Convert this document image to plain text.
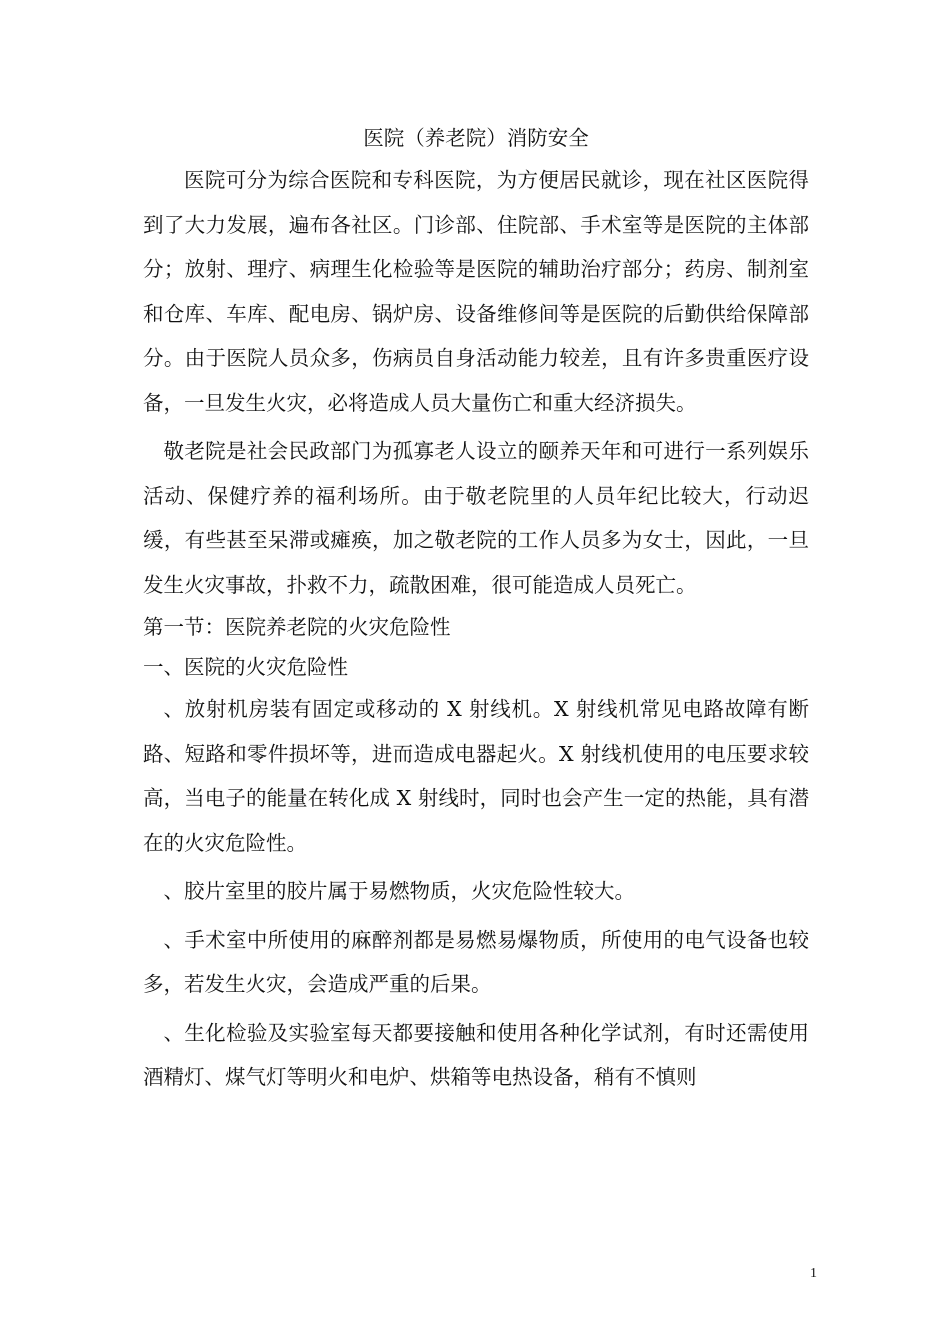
医院（养老院）消防安全

医院可分为综合医院和专科医院，为方便居民就诊，现在社区医院得到了大力发展，遍布各社区。门诊部、住院部、手术室等是医院的主体部分；放射、理疗、病理生化检验等是医院的辅助治疗部分；药房、制剂室和仓库、车库、配电房、锅炉房、设备维修间等是医院的后勤供给保障部分。由于医院人员众多，伤病员自身活动能力较差，且有许多贵重医疗设备，一旦发生火灾，必将造成人员大量伤亡和重大经济损失。

敬老院是社会民政部门为孤寡老人设立的颐养天年和可进行一系列娱乐活动、保健疗养的福利场所。由于敬老院里的人员年纪比较大，行动迟缓，有些甚至呆滞或瘫痪，加之敬老院的工作人员多为女士，因此，一旦发生火灾事故，扑救不力，疏散困难，很可能造成人员死亡。

第一节：医院养老院的火灾危险性
一、医院的火灾危险性

、放射机房装有固定或移动的 X 射线机。X 射线机常见电路故障有断路、短路和零件损坏等，进而造成电器起火。X 射线机使用的电压要求较高，当电子的能量在转化成 X 射线时，同时也会产生一定的热能，具有潜在的火灾危险性。

、胶片室里的胶片属于易燃物质，火灾危险性较大。

、手术室中所使用的麻醉剂都是易燃易爆物质，所使用的电气设备也较多，若发生火灾，会造成严重的后果。

、生化检验及实验室每天都要接触和使用各种化学试剂，有时还需使用酒精灯、煤气灯等明火和电炉、烘箱等电热设备，稍有不慎则

1
